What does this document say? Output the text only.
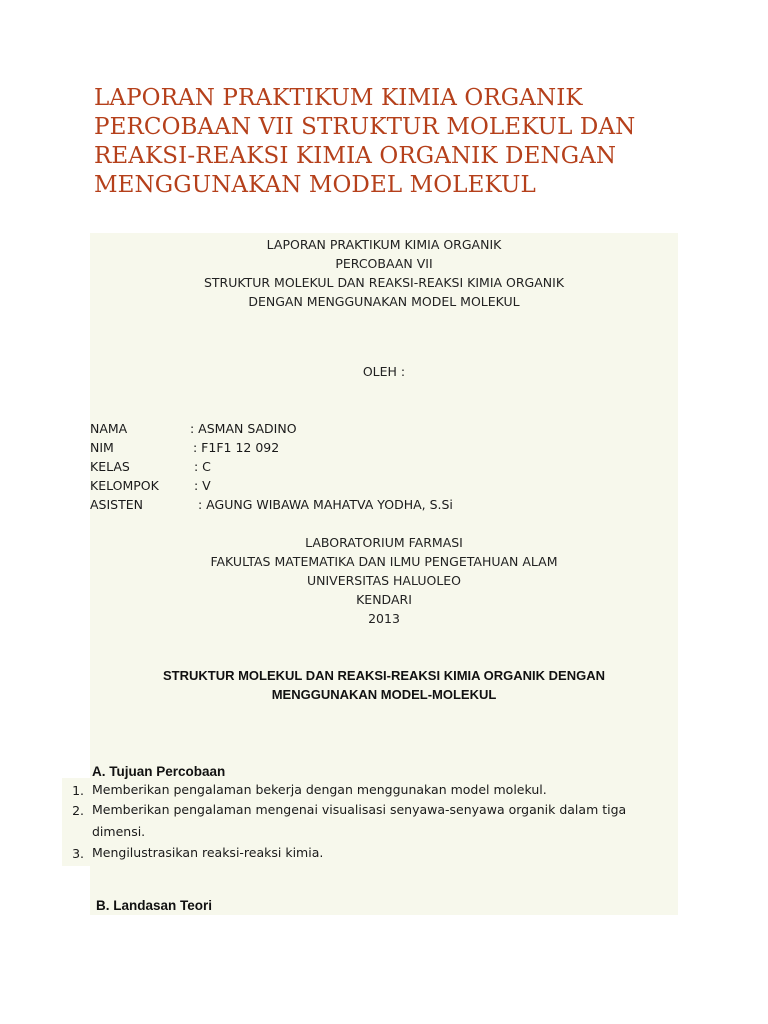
LAPORAN PRAKTIKUM KIMIA ORGANIK
PERCOBAAN VII STRUKTUR MOLEKUL DAN
REAKSI-REAKSI KIMIA ORGANIK DENGAN
MENGGUNAKAN MODEL MOLEKUL
LAPORAN PRAKTIKUM KIMIA ORGANIK
PERCOBAAN VII
STRUKTUR MOLEKUL DAN REAKSI-REAKSI KIMIA ORGANIK
DENGAN MENGGUNAKAN MODEL MOLEKUL
OLEH :
NAMA	: ASMAN SADINO
NIM	: F1F1 12 092
KELAS	: C
KELOMPOK	: V
ASISTEN	: AGUNG WIBAWA MAHATVA YODHA, S.Si
LABORATORIUM FARMASI
FAKULTAS MATEMATIKA DAN ILMU PENGETAHUAN ALAM
UNIVERSITAS HALUOLEO
KENDARI
2013
STRUKTUR MOLEKUL DAN REAKSI-REAKSI KIMIA ORGANIK DENGAN
MENGGUNAKAN MODEL-MOLEKUL
A. Tujuan Percobaan
1. Memberikan pengalaman bekerja dengan menggunakan model molekul.
2. Memberikan pengalaman mengenai visualisasi senyawa-senyawa organik dalam tiga dimensi.
3. Mengilustrasikan reaksi-reaksi kimia.
B. Landasan Teori
